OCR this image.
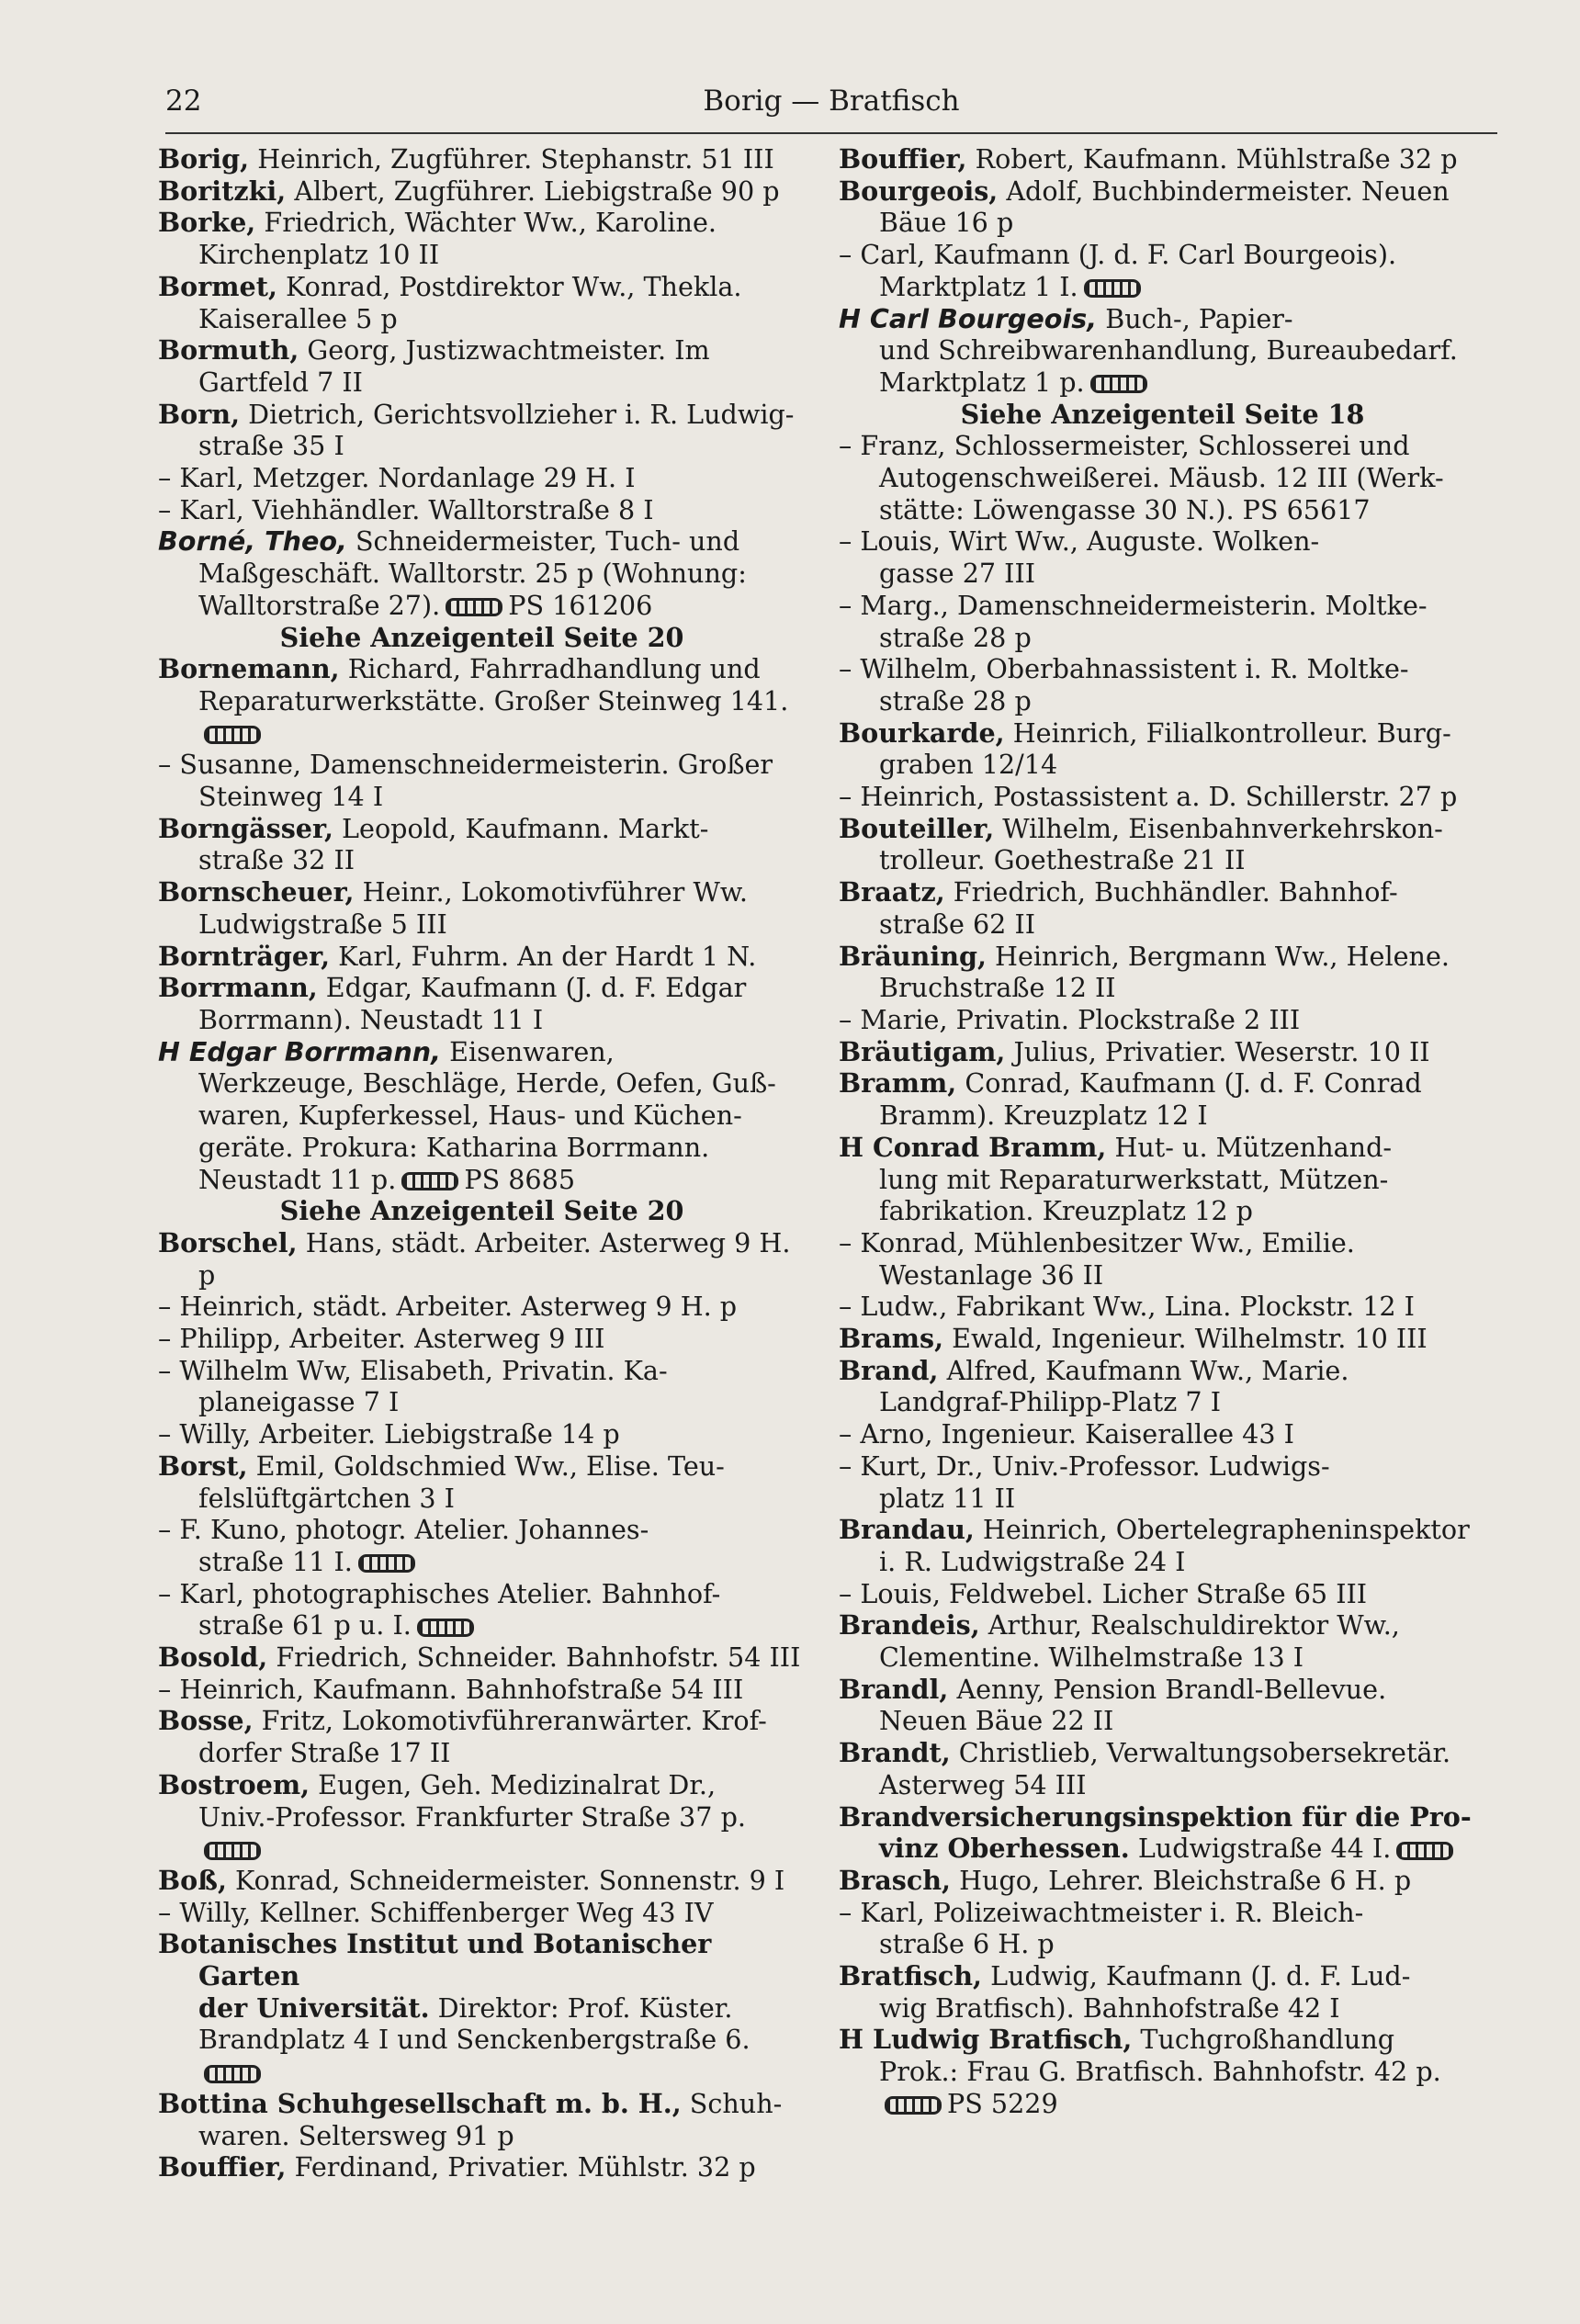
22	Borig — Bratfisch

Borig, Heinrich, Zugführer. Stephanstr. 51 III

Boritzki, Albert, Zugführer. Liebigstraße 90 p

Borke, Friedrich, Wächter Ww., Karoline.
Kirchenplatz 10 II

Bormet, Konrad, Postdirektor Ww., Thekla.
Kaiserallee 5 p

Bormuth, Georg, Justizwachtmeister. Im
Gartfeld 7 II

Born, Dietrich, Gerichtsvollzieher i. R. Ludwig-
straße 35 I

– Karl, Metzger. Nordanlage 29 H. I

– Karl, Viehhändler. Walltorstraße 8 I

Borné, Theo, Schneidermeister, Tuch- und
Maßgeschäft. Walltorstr. 25 p (Wohnung:
Walltorstraße 27).	PS 161206

Siehe Anzeigenteil Seite 20

Bornemann, Richard, Fahrradhandlung und
Reparaturwerkstätte. Großer Steinweg 141.

– Susanne, Damenschneidermeisterin. Großer
Steinweg 14 I

Borngässer, Leopold, Kaufmann. Markt-
straße 32 II

Bornscheuer, Heinr., Lokomotivführer Ww.
Ludwigstraße 5 III

Bornträger, Karl, Fuhrm. An der Hardt 1 N.

Borrmann, Edgar, Kaufmann (J. d. F. Edgar
Borrmann). Neustadt 11 I

H Edgar Borrmann, Eisenwaren,
Werkzeuge, Beschläge, Herde, Oefen, Guß-
waren, Kupferkessel, Haus- und Küchen-
geräte. Prokura: Katharina Borrmann.
Neustadt 11 p.	PS 8685

Siehe Anzeigenteil Seite 20

Borschel, Hans, städt. Arbeiter. Asterweg 9 H. p

– Heinrich, städt. Arbeiter. Asterweg 9 H. p

– Philipp, Arbeiter. Asterweg 9 III

– Wilhelm Ww, Elisabeth, Privatin. Ka-
planeigasse 7 I

– Willy, Arbeiter. Liebigstraße 14 p

Borst, Emil, Goldschmied Ww., Elise. Teu-
felslüftgärtchen 3 I

– F. Kuno, photogr. Atelier. Johannes-
straße 11 I.

– Karl, photographisches Atelier. Bahnhof-
straße 61 p u. I.

Bosold, Friedrich, Schneider. Bahnhofstr. 54 III

– Heinrich, Kaufmann. Bahnhofstraße 54 III

Bosse, Fritz, Lokomotivführeranwärter. Krof-
dorfer Straße 17 II

Bostroem, Eugen, Geh. Medizinalrat Dr.,
Univ.-Professor. Frankfurter Straße 37 p.

Boß, Konrad, Schneidermeister. Sonnenstr. 9 I

– Willy, Kellner. Schiffenberger Weg 43 IV

Botanisches Institut und Botanischer Garten
der Universität. Direktor: Prof. Küster.
Brandplatz 4 I und Senckenbergstraße 6.

Bottina Schuhgesellschaft m. b. H., Schuh-
waren. Seltersweg 91 p

Bouffier, Ferdinand, Privatier. Mühlstr. 32 p

Bouffier, Robert, Kaufmann. Mühlstraße 32 p

Bourgeois, Adolf, Buchbindermeister. Neuen
Bäue 16 p

– Carl, Kaufmann (J. d. F. Carl Bourgeois).
Marktplatz 1 I.

H Carl Bourgeois, Buch-, Papier-
und Schreibwarenhandlung, Bureaubedarf.
Marktplatz 1 p.

Siehe Anzeigenteil Seite 18

– Franz, Schlossermeister, Schlosserei und
Autogenschweißerei. Mäusb. 12 III (Werk-
stätte: Löwengasse 30 N.). PS 65617

– Louis, Wirt Ww., Auguste. Wolken-
gasse 27 III

– Marg., Damenschneidermeisterin. Moltke-
straße 28 p

– Wilhelm, Oberbahnassistent i. R. Moltke-
straße 28 p

Bourkarde, Heinrich, Filialkontrolleur. Burg-
graben 12/14

– Heinrich, Postassistent a. D. Schillerstr. 27 p

Bouteiller, Wilhelm, Eisenbahnverkehrskon-
trolleur. Goethestraße 21 II

Braatz, Friedrich, Buchhändler. Bahnhof-
straße 62 II

Bräuning, Heinrich, Bergmann Ww., Helene.
Bruchstraße 12 II

– Marie, Privatin. Plockstraße 2 III

Bräutigam, Julius, Privatier. Weserstr. 10 II

Bramm, Conrad, Kaufmann (J. d. F. Conrad
Bramm). Kreuzplatz 12 I

H Conrad Bramm, Hut- u. Mützenhand-
lung mit Reparaturwerkstatt, Mützen-
fabrikation. Kreuzplatz 12 p

– Konrad, Mühlenbesitzer Ww., Emilie.
Westanlage 36 II

– Ludw., Fabrikant Ww., Lina. Plockstr. 12 I

Brams, Ewald, Ingenieur. Wilhelmstr. 10 III

Brand, Alfred, Kaufmann Ww., Marie.
Landgraf-Philipp-Platz 7 I

– Arno, Ingenieur. Kaiserallee 43 I

– Kurt, Dr., Univ.-Professor. Ludwigs-
platz 11 II

Brandau, Heinrich, Obertelegrapheninspektor
i. R. Ludwigstraße 24 I

– Louis, Feldwebel. Licher Straße 65 III

Brandeis, Arthur, Realschuldirektor Ww.,
Clementine. Wilhelmstraße 13 I

Brandl, Aenny, Pension Brandl-Bellevue.
Neuen Bäue 22 II

Brandt, Christlieb, Verwaltungsobersekretär.
Asterweg 54 III

Brandversicherungsinspektion für die Pro-
vinz Oberhessen. Ludwigstraße 44 I.

Brasch, Hugo, Lehrer. Bleichstraße 6 H. p

– Karl, Polizeiwachtmeister i. R. Bleich-
straße 6 H. p

Bratfisch, Ludwig, Kaufmann (J. d. F. Lud-
wig Bratfisch). Bahnhofstraße 42 I

H Ludwig Bratfisch, Tuchgroßhandlung
Prok.: Frau G. Bratfisch. Bahnhofstr. 42 p.
PS 5229
